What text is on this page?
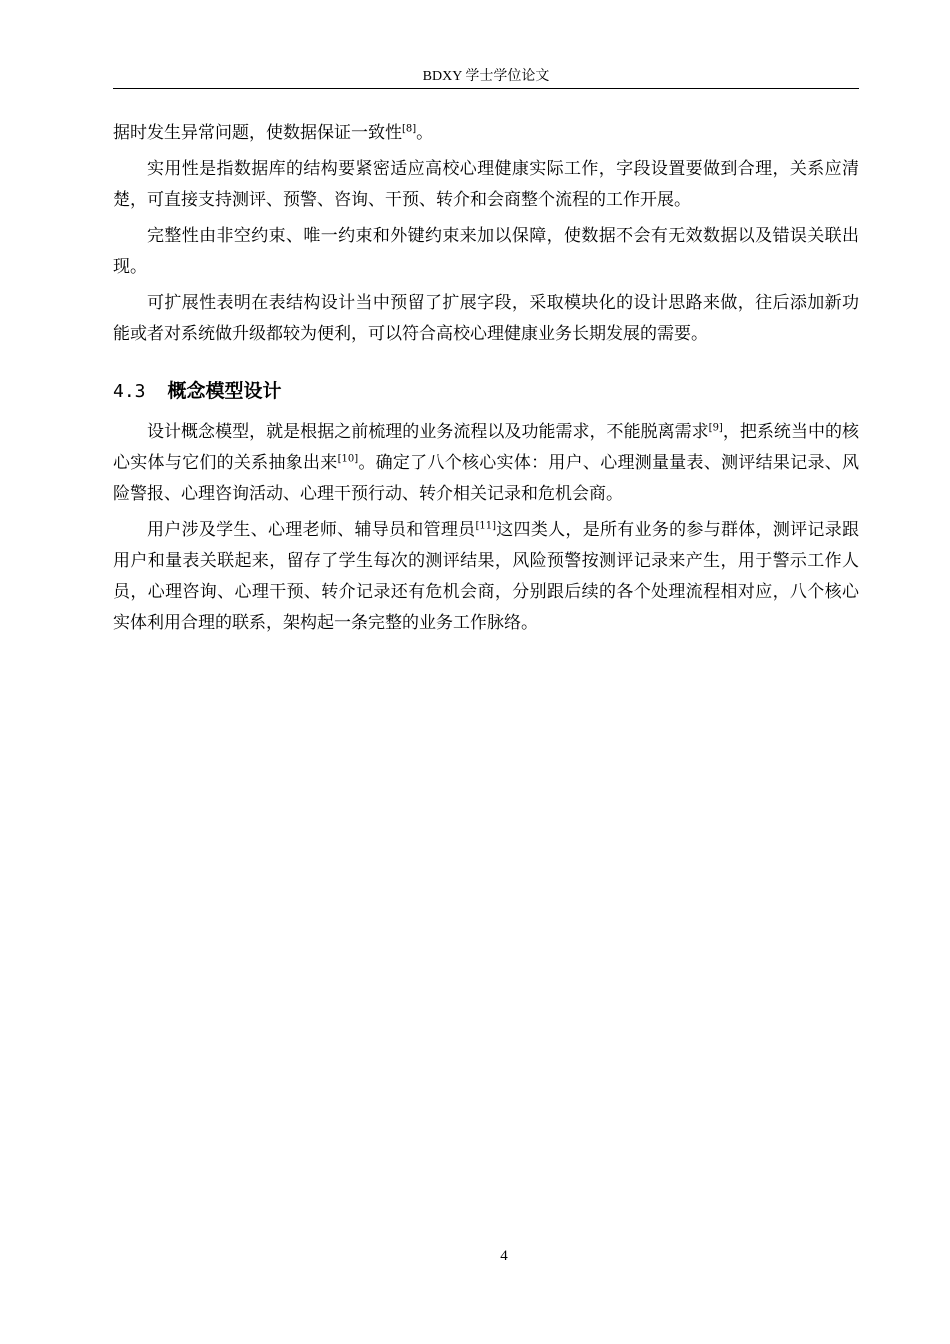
BDXY 学士学位论文

据时发生异常问题，使数据保证一致性[8]。

实用性是指数据库的结构要紧密适应高校心理健康实际工作，字段设置要做到合理，关系应清楚，可直接支持测评、预警、咨询、干预、转介和会商整个流程的工作开展。

完整性由非空约束、唯一约束和外键约束来加以保障，使数据不会有无效数据以及错误关联出现。

可扩展性表明在表结构设计当中预留了扩展字段，采取模块化的设计思路来做，往后添加新功能或者对系统做升级都较为便利，可以符合高校心理健康业务长期发展的需要。

4.3 概念模型设计

设计概念模型，就是根据之前梳理的业务流程以及功能需求，不能脱离需求[9]，把系统当中的核心实体与它们的关系抽象出来[10]。确定了八个核心实体：用户、心理测量量表、测评结果记录、风险警报、心理咨询活动、心理干预行动、转介相关记录和危机会商。

用户涉及学生、心理老师、辅导员和管理员[11]这四类人，是所有业务的参与群体，测评记录跟用户和量表关联起来，留存了学生每次的测评结果，风险预警按测评记录来产生，用于警示工作人员，心理咨询、心理干预、转介记录还有危机会商，分别跟后续的各个处理流程相对应，八个核心实体利用合理的联系，架构起一条完整的业务工作脉络。

4
